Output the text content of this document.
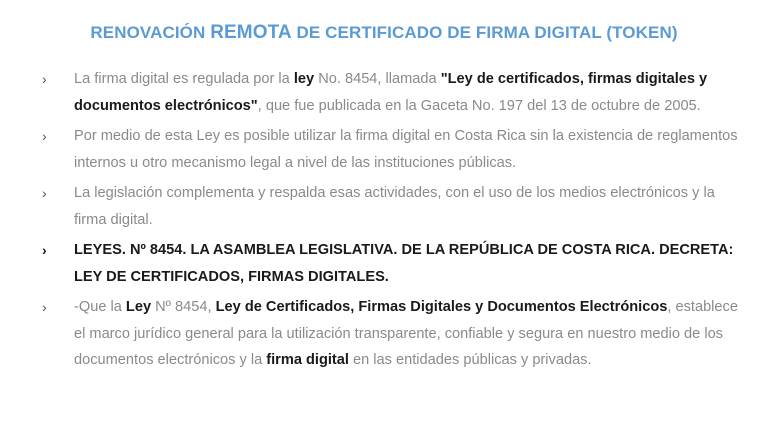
RENOVACIÓN REMOTA DE CERTIFICADO DE FIRMA DIGITAL (TOKEN)
›	La firma digital es regulada por la ley No. 8454, llamada "Ley de certificados, firmas digitales y documentos electrónicos", que fue publicada en la Gaceta No. 197 del 13 de octubre de 2005.
›	Por medio de esta Ley es posible utilizar la firma digital en Costa Rica sin la existencia de reglamentos internos u otro mecanismo legal a nivel de las instituciones públicas.
›	La legislación complementa y respalda esas actividades, con el uso de los medios electrónicos y la firma digital.
›	LEYES. Nº 8454. LA ASAMBLEA LEGISLATIVA. DE LA REPÚBLICA DE COSTA RICA. DECRETA: LEY DE CERTIFICADOS, FIRMAS DIGITALES.
›	-Que la Ley Nº 8454, Ley de Certificados, Firmas Digitales y Documentos Electrónicos, establece el marco jurídico general para la utilización transparente, confiable y segura en nuestro medio de los documentos electrónicos y la firma digital en las entidades públicas y privadas.
